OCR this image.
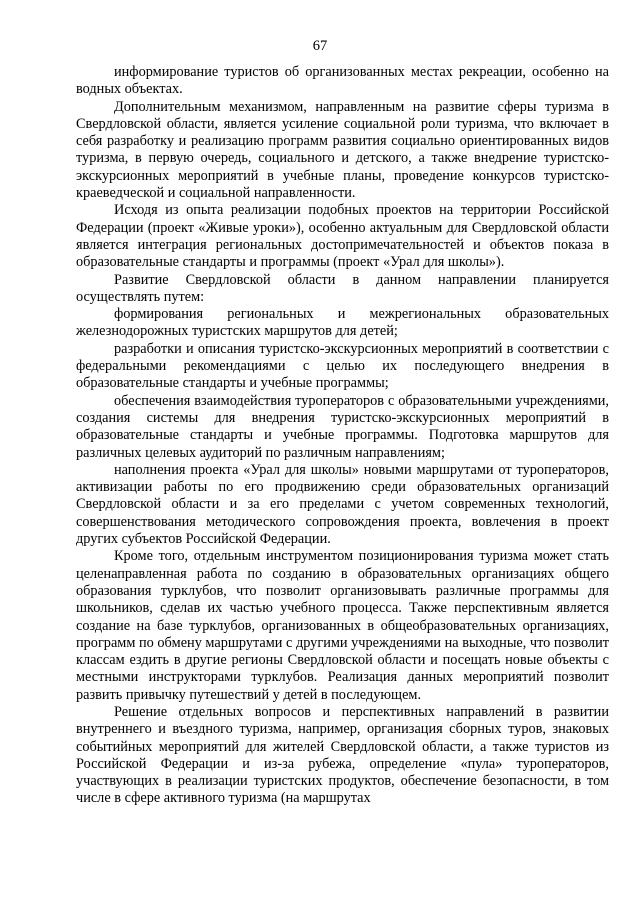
67

информирование туристов об организованных местах рекреации, особенно на водных объектах.

Дополнительным механизмом, направленным на развитие сферы туризма в Свердловской области, является усиление социальной роли туризма, что включает в себя разработку и реализацию программ развития социально ориентированных видов туризма, в первую очередь, социального и детского, а также внедрение туристско-экскурсионных мероприятий в учебные планы, проведение конкурсов туристско-краеведческой и социальной направленности.

Исходя из опыта реализации подобных проектов на территории Российской Федерации (проект «Живые уроки»), особенно актуальным для Свердловской области является интеграция региональных достопримечательностей и объектов показа в образовательные стандарты и программы (проект «Урал для школы»).

Развитие Свердловской области в данном направлении планируется осуществлять путем:

формирования региональных и межрегиональных образовательных железнодорожных туристских маршрутов для детей;

разработки и описания туристско-экскурсионных мероприятий в соответствии с федеральными рекомендациями с целью их последующего внедрения в образовательные стандарты и учебные программы;

обеспечения взаимодействия туроператоров с образовательными учреждениями, создания системы для внедрения туристско-экскурсионных мероприятий в образовательные стандарты и учебные программы. Подготовка маршрутов для различных целевых аудиторий по различным направлениям;

наполнения проекта «Урал для школы» новыми маршрутами от туроператоров, активизации работы по его продвижению среди образовательных организаций Свердловской области и за его пределами с учетом современных технологий, совершенствования методического сопровождения проекта, вовлечения в проект других субъектов Российской Федерации.

Кроме того, отдельным инструментом позиционирования туризма может стать целенаправленная работа по созданию в образовательных организациях общего образования турклубов, что позволит организовывать различные программы для школьников, сделав их частью учебного процесса. Также перспективным является создание на базе турклубов, организованных в общеобразовательных организациях, программ по обмену маршрутами с другими учреждениями на выходные, что позволит классам ездить в другие регионы Свердловской области и посещать новые объекты с местными инструкторами турклубов. Реализация данных мероприятий позволит развить привычку путешествий у детей в последующем.

Решение отдельных вопросов и перспективных направлений в развитии внутреннего и въездного туризма, например, организация сборных туров, знаковых событийных мероприятий для жителей Свердловской области, а также туристов из Российской Федерации и из-за рубежа, определение «пула» туроператоров, участвующих в реализации туристских продуктов, обеспечение безопасности, в том числе в сфере активного туризма (на маршрутах
